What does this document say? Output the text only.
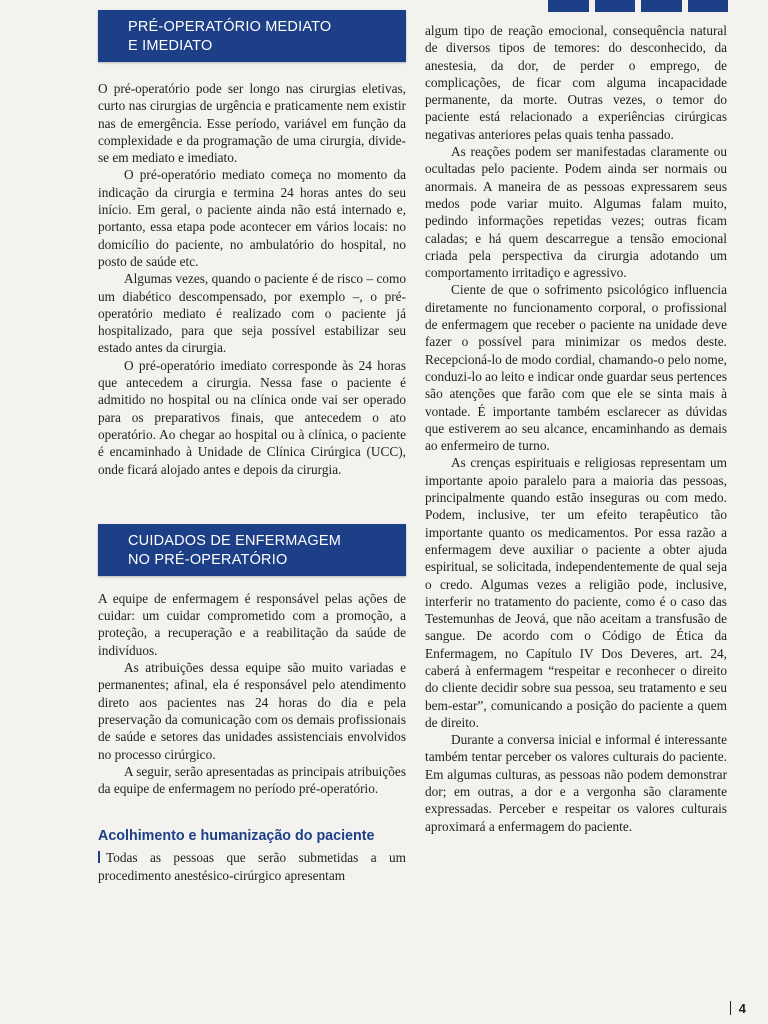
PRÉ-OPERATÓRIO MEDIATO
E IMEDIATO

O pré-operatório pode ser longo nas cirurgias eletivas, curto nas cirurgias de urgência e praticamente nem existir nas de emergência. Esse período, variável em função da complexidade e da programação de uma cirurgia, divide-se em mediato e imediato.

O pré-operatório mediato começa no momento da indicação da cirurgia e termina 24 horas antes do seu início. Em geral, o paciente ainda não está internado e, portanto, essa etapa pode acontecer em vários locais: no domicílio do paciente, no ambulatório do hospital, no posto de saúde etc.

Algumas vezes, quando o paciente é de risco – como um diabético descompensado, por exemplo –, o pré-operatório mediato é realizado com o paciente já hospitalizado, para que seja possível estabilizar seu estado antes da cirurgia.

O pré-operatório imediato corresponde às 24 horas que antecedem a cirurgia. Nessa fase o paciente é admitido no hospital ou na clínica onde vai ser operado para os preparativos finais, que antecedem o ato operatório. Ao chegar ao hospital ou à clínica, o paciente é encaminhado à Unidade de Clínica Cirúrgica (UCC), onde ficará alojado antes e depois da cirurgia.

CUIDADOS DE ENFERMAGEM
NO PRÉ-OPERATÓRIO

A equipe de enfermagem é responsável pelas ações de cuidar: um cuidar comprometido com a promoção, a proteção, a recuperação e a reabilitação da saúde de indivíduos.

As atribuições dessa equipe são muito variadas e permanentes; afinal, ela é responsável pelo atendimento direto aos pacientes nas 24 horas do dia e pela preservação da comunicação com os demais profissionais de saúde e setores das unidades assistenciais envolvidos no processo cirúrgico.

A seguir, serão apresentadas as principais atribuições da equipe de enfermagem no período pré-operatório.

Acolhimento e humanização do paciente

Todas as pessoas que serão submetidas a um procedimento anestésico-cirúrgico apresentam

algum tipo de reação emocional, consequência natural de diversos tipos de temores: do desconhecido, da anestesia, da dor, de perder o emprego, de complicações, de ficar com alguma incapacidade permanente, da morte. Outras vezes, o temor do paciente está relacionado a experiências cirúrgicas negativas anteriores pelas quais tenha passado.

As reações podem ser manifestadas claramente ou ocultadas pelo paciente. Podem ainda ser normais ou anormais. A maneira de as pessoas expressarem seus medos pode variar muito. Algumas falam muito, pedindo informações repetidas vezes; outras ficam caladas; e há quem descarregue a tensão emocional criada pela perspectiva da cirurgia adotando um comportamento irritadiço e agressivo.

Ciente de que o sofrimento psicológico influencia diretamente no funcionamento corporal, o profissional de enfermagem que receber o paciente na unidade deve fazer o possível para minimizar os medos deste. Recepcioná-lo de modo cordial, chamando-o pelo nome, conduzi-lo ao leito e indicar onde guardar seus pertences são atenções que farão com que ele se sinta mais à vontade. É importante também esclarecer as dúvidas que estiverem ao seu alcance, encaminhando as demais ao enfermeiro de turno.

As crenças espirituais e religiosas representam um importante apoio paralelo para a maioria das pessoas, principalmente quando estão inseguras ou com medo. Podem, inclusive, ter um efeito terapêutico tão importante quanto os medicamentos. Por essa razão a enfermagem deve auxiliar o paciente a obter ajuda espiritual, se solicitada, independentemente de qual seja o credo. Algumas vezes a religião pode, inclusive, interferir no tratamento do paciente, como é o caso das Testemunhas de Jeová, que não aceitam a transfusão de sangue. De acordo com o Código de Ética da Enfermagem, no Capítulo IV Dos Deveres, art. 24, caberá à enfermagem “respeitar e reconhecer o direito do cliente decidir sobre sua pessoa, seu tratamento e seu bem-estar”, comunicando a posição do paciente a quem de direito.

Durante a conversa inicial e informal é interessante também tentar perceber os valores culturais do paciente. Em algumas culturas, as pessoas não podem demonstrar dor; em outras, a dor e a vergonha são claramente expressadas. Perceber e respeitar os valores culturais aproximará a enfermagem do paciente.

4
